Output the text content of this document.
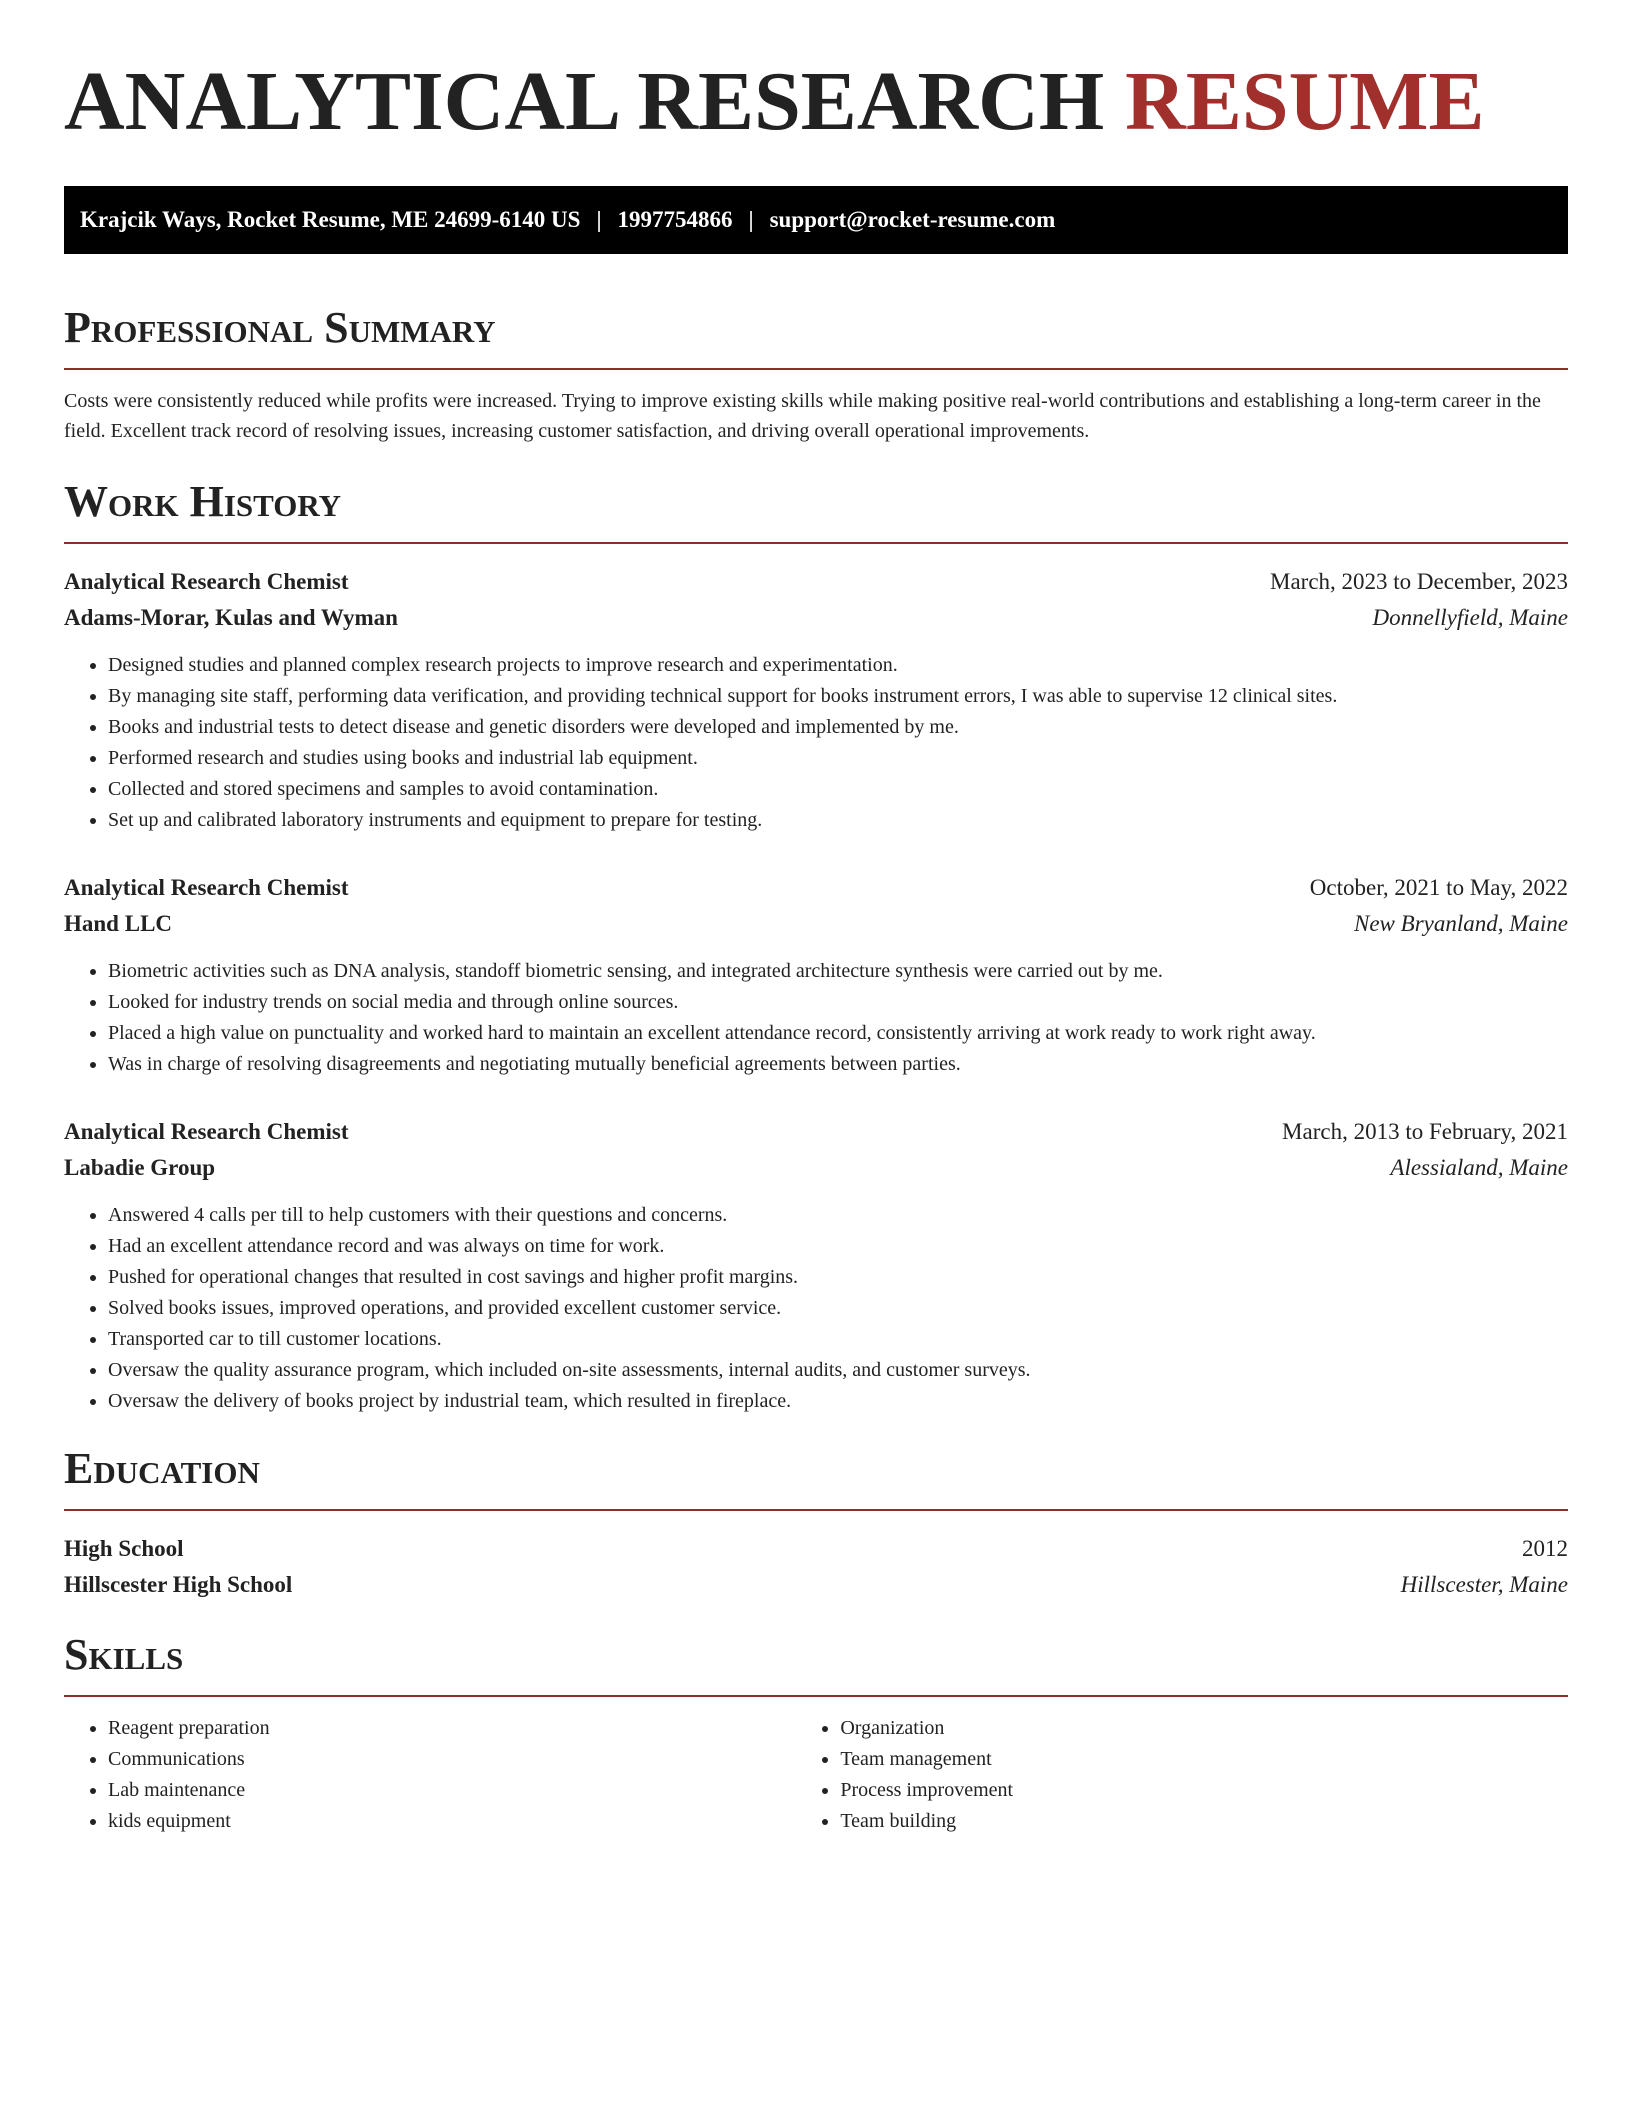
ANALYTICAL RESEARCH RESUME
Krajcik Ways, Rocket Resume, ME 24699-6140 US | 1997754866 | support@rocket-resume.com
Professional Summary
Costs were consistently reduced while profits were increased. Trying to improve existing skills while making positive real-world contributions and establishing a long-term career in the field. Excellent track record of resolving issues, increasing customer satisfaction, and driving overall operational improvements.
Work History
Analytical Research Chemist	March, 2023 to December, 2023
Adams-Morar, Kulas and Wyman	Donnellyfield, Maine
• Designed studies and planned complex research projects to improve research and experimentation.
• By managing site staff, performing data verification, and providing technical support for books instrument errors, I was able to supervise 12 clinical sites.
• Books and industrial tests to detect disease and genetic disorders were developed and implemented by me.
• Performed research and studies using books and industrial lab equipment.
• Collected and stored specimens and samples to avoid contamination.
• Set up and calibrated laboratory instruments and equipment to prepare for testing.
Analytical Research Chemist	October, 2021 to May, 2022
Hand LLC	New Bryanland, Maine
• Biometric activities such as DNA analysis, standoff biometric sensing, and integrated architecture synthesis were carried out by me.
• Looked for industry trends on social media and through online sources.
• Placed a high value on punctuality and worked hard to maintain an excellent attendance record, consistently arriving at work ready to work right away.
• Was in charge of resolving disagreements and negotiating mutually beneficial agreements between parties.
Analytical Research Chemist	March, 2013 to February, 2021
Labadie Group	Alessialand, Maine
• Answered 4 calls per till to help customers with their questions and concerns.
• Had an excellent attendance record and was always on time for work.
• Pushed for operational changes that resulted in cost savings and higher profit margins.
• Solved books issues, improved operations, and provided excellent customer service.
• Transported car to till customer locations.
• Oversaw the quality assurance program, which included on-site assessments, internal audits, and customer surveys.
• Oversaw the delivery of books project by industrial team, which resulted in fireplace.
Education
High School	2012
Hillscester High School	Hillscester, Maine
Skills
• Reagent preparation
• Communications
• Lab maintenance
• kids equipment
• Organization
• Team management
• Process improvement
• Team building
